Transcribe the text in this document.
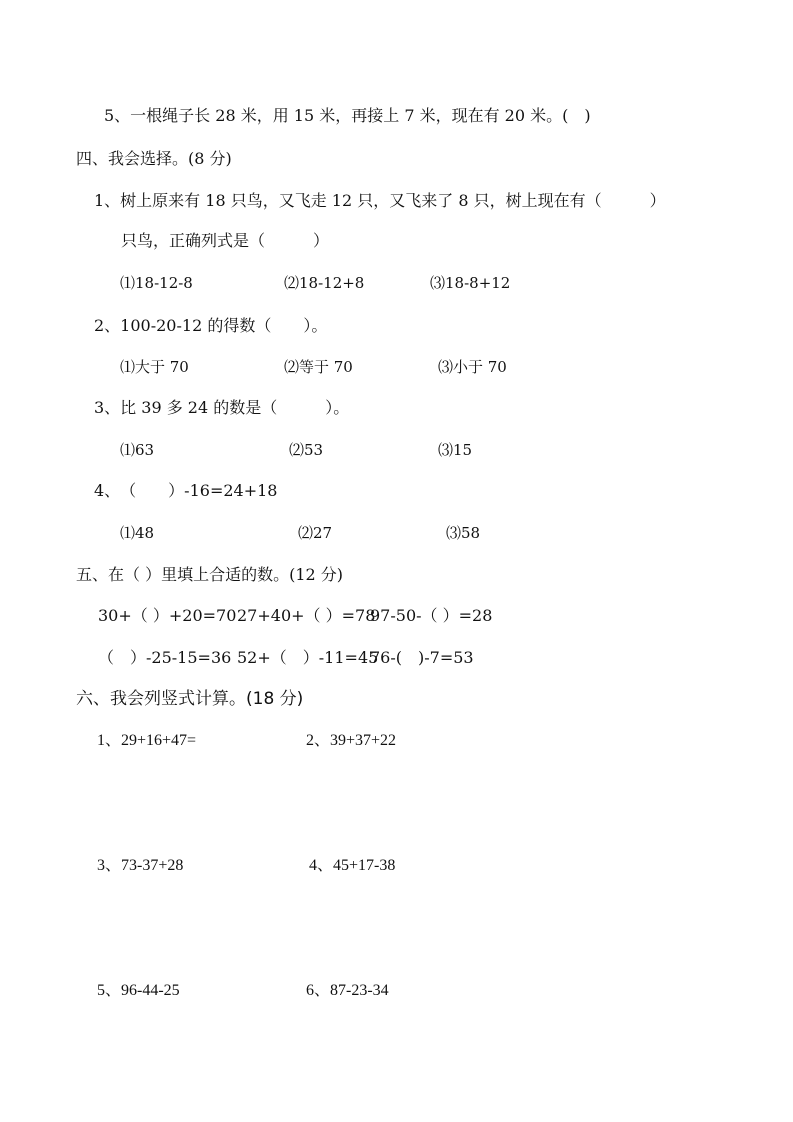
5、一根绳子长 28 米，用 15 米，再接上 7 米，现在有 20 米。(　)
四、我会选择。(8 分)
1、树上原来有 18 只鸟，又飞走 12 只，又飞来了 8 只，树上现在有（　　　）
只鸟，正确列式是（　　　）
⑴18-12-8	⑵18-12+8	⑶18-8+12
2、100-20-12 的得数（　　）。
⑴大于 70	⑵等于 70	⑶小于 70
3、比 39 多 24 的数是（　　　）。
⑴63	⑵53	⑶15
4、　（　　）-16=24+18
⑴48	⑵27	⑶58
五、在（ ）里填上合适的数。(12 分)
30+（ ）+20=70 27+40+（ ）=78
97-50-（ ）=28
（　）-25-15=36 52+（　）-11=45
76-(　)-7=53
六、我会列竖式计算。(18 分)
1、29+16+47=	2、39+37+22
3、73-37+28	4、45+17-38
5、96-44-25	6、87-23-34
